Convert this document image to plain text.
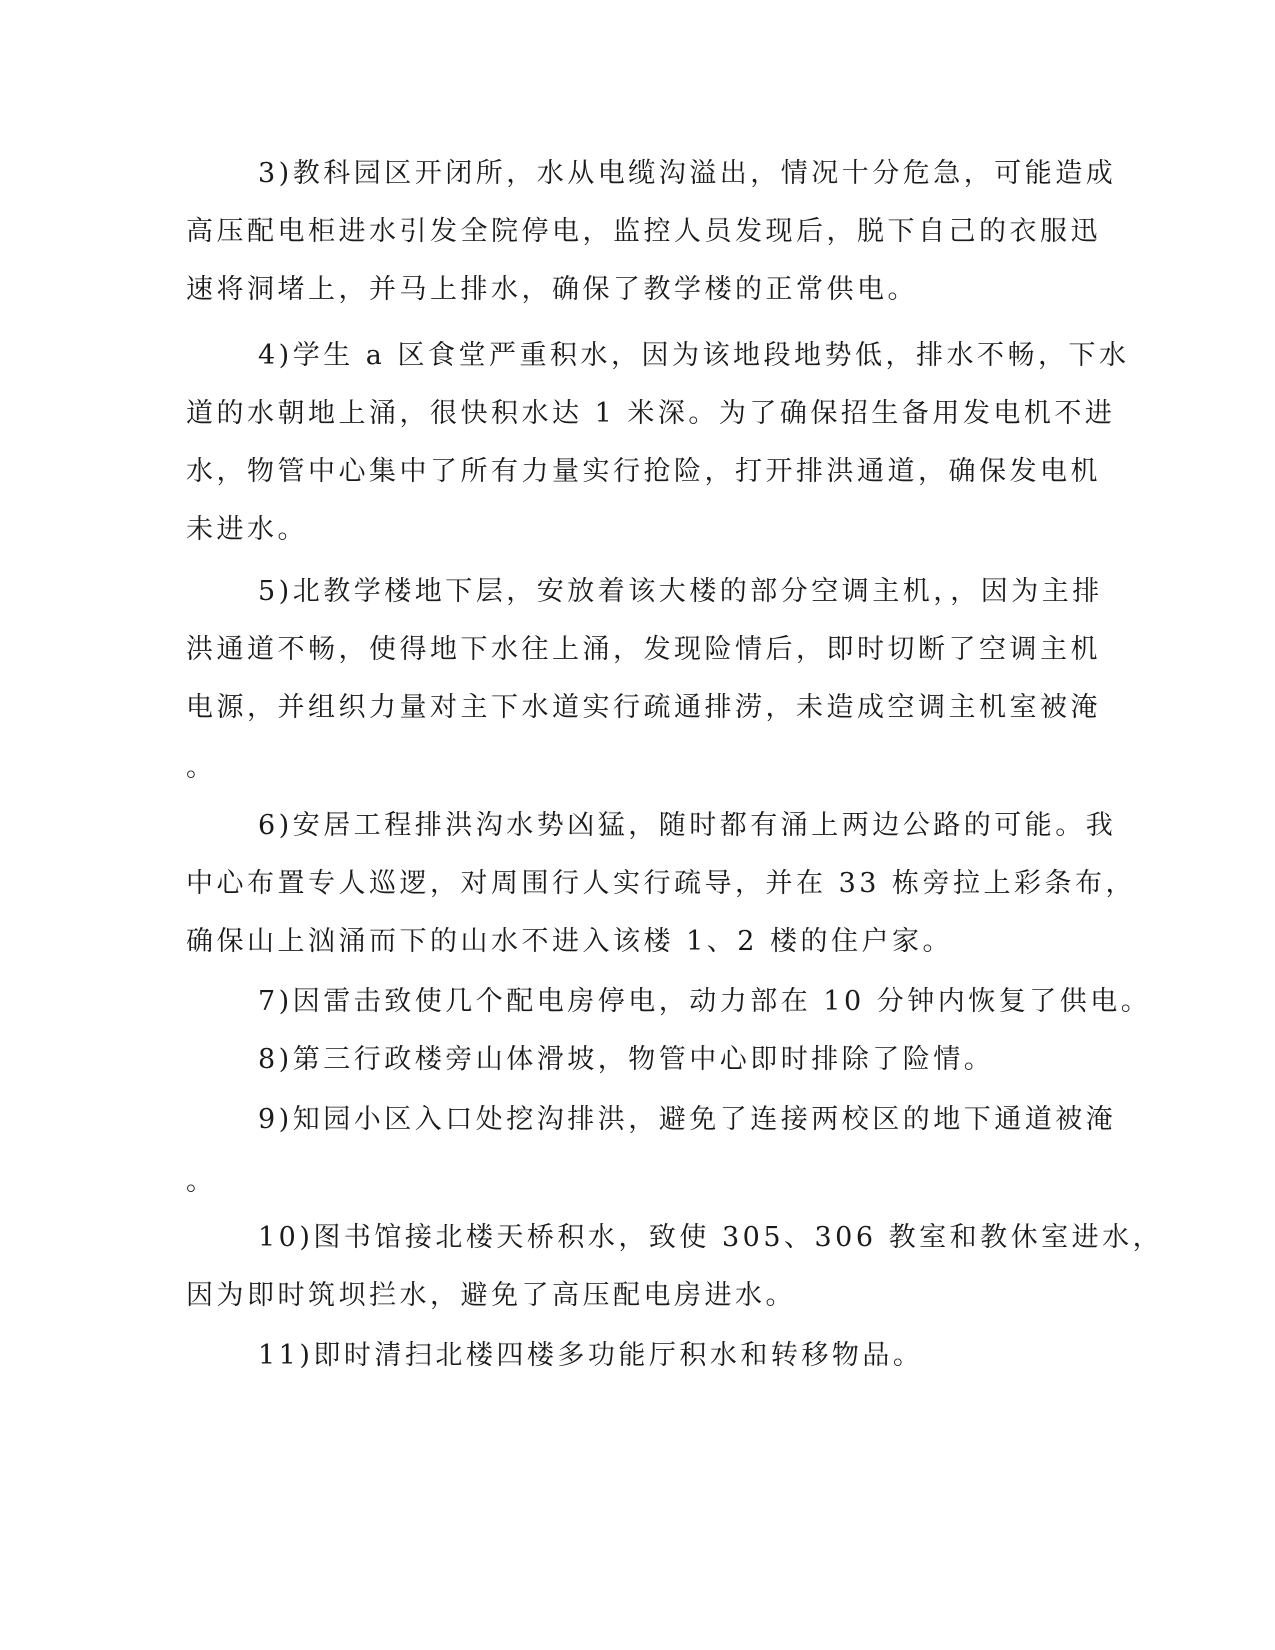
3)教科园区开闭所，水从电缆沟溢出，情况十分危急，可能造成
高压配电柜进水引发全院停电，监控人员发现后，脱下自己的衣服迅
速将洞堵上，并马上排水，确保了教学楼的正常供电。
4)学生 a 区食堂严重积水，因为该地段地势低，排水不畅，下水
道的水朝地上涌，很快积水达 1 米深。为了确保招生备用发电机不进
水，物管中心集中了所有力量实行抢险，打开排洪通道，确保发电机
未进水。
5)北教学楼地下层，安放着该大楼的部分空调主机，，因为主排
洪通道不畅，使得地下水往上涌，发现险情后，即时切断了空调主机
电源，并组织力量对主下水道实行疏通排涝，未造成空调主机室被淹
。
6)安居工程排洪沟水势凶猛，随时都有涌上两边公路的可能。我
中心布置专人巡逻，对周围行人实行疏导，并在 33 栋旁拉上彩条布，
确保山上汹涌而下的山水不进入该楼 1、2 楼的住户家。
7)因雷击致使几个配电房停电，动力部在 10 分钟内恢复了供电。
8)第三行政楼旁山体滑坡，物管中心即时排除了险情。
9)知园小区入口处挖沟排洪，避免了连接两校区的地下通道被淹
。
10)图书馆接北楼天桥积水，致使 305、306 教室和教休室进水，
因为即时筑坝拦水，避免了高压配电房进水。
11)即时清扫北楼四楼多功能厅积水和转移物品。
